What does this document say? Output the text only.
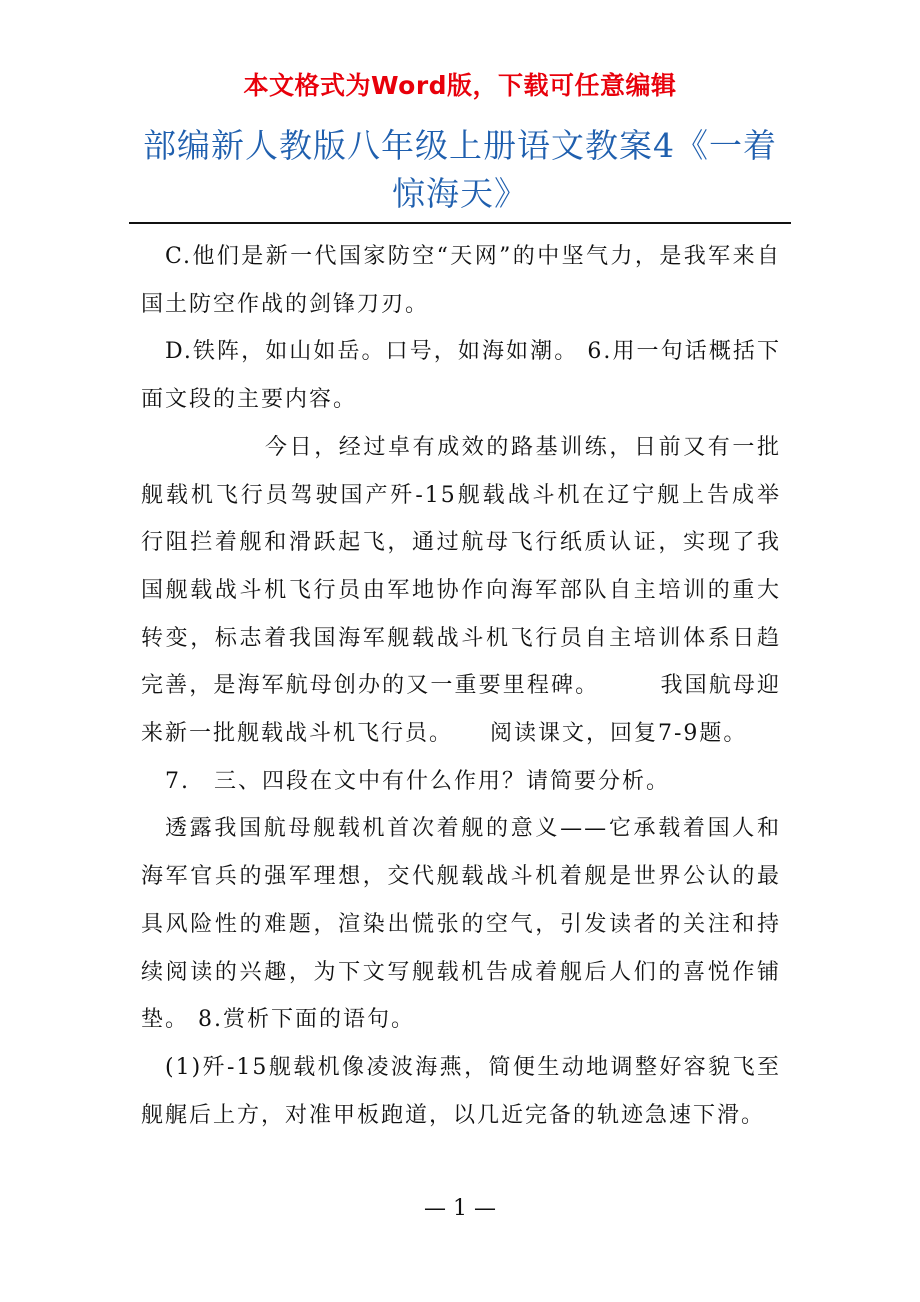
本文格式为Word版，下载可任意编辑
部编新人教版八年级上册语文教案4《一着惊海天》

C.他们是新一代国家防空“天网”的中坚气力，是我军来自国土防空作战的剑锋刀刃。

D.铁阵，如山如岳。口号，如海如潮。 6.用一句话概括下面文段的主要内容。

今日，经过卓有成效的路基训练，日前又有一批舰载机飞行员驾驶国产歼-15舰载战斗机在辽宁舰上告成举行阻拦着舰和滑跃起飞，通过航母飞行纸质认证，实现了我国舰载战斗机飞行员由军地协作向海军部队自主培训的重大转变，标志着我国海军舰载战斗机飞行员自主培训体系日趋完善，是海军航母创办的又一重要里程碑。　　　我国航母迎来新一批舰载战斗机飞行员。　　阅读课文，回复7-9题。

7.　三、四段在文中有什么作用？请简要分析。

透露我国航母舰载机首次着舰的意义——它承载着国人和海军官兵的强军理想，交代舰载战斗机着舰是世界公认的最具风险性的难题，渲染出慌张的空气，引发读者的关注和持续阅读的兴趣，为下文写舰载机告成着舰后人们的喜悦作铺垫。 8.赏析下面的语句。

(1)歼-15舰载机像凌波海燕，简便生动地调整好容貌飞至舰艉后上方，对准甲板跑道，以几近完备的轨迹急速下滑。

— 1 —
